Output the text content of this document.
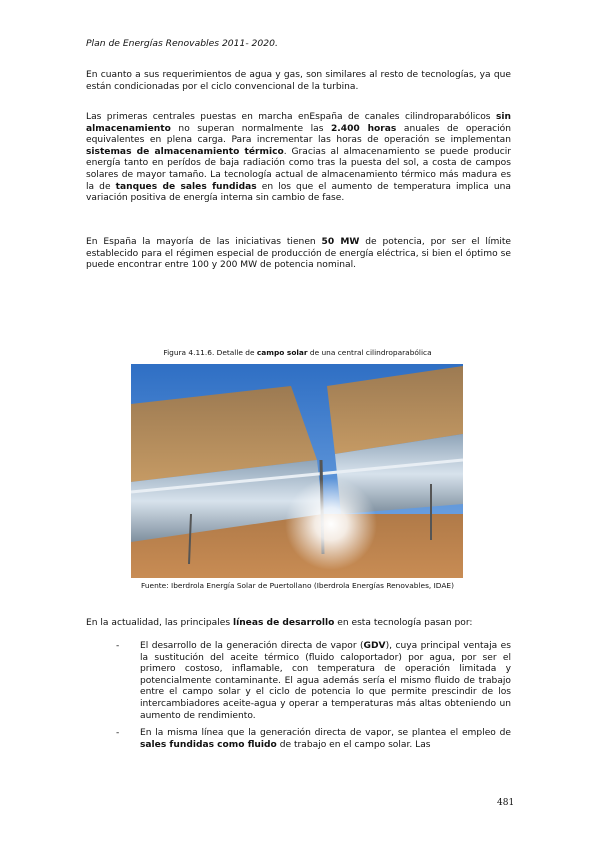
Plan de Energías Renovables 2011- 2020.

En cuanto a sus requerimientos de agua y gas, son similares al resto de tecnologías, ya que están condicionadas por el ciclo convencional de la turbina.

Las primeras centrales puestas en marcha enEspaña de canales cilindroparabólicos sin almacenamiento no superan normalmente las 2.400 horas anuales de operación equivalentes en plena carga. Para incrementar las horas de operación se implementan sistemas de almacenamiento térmico. Gracias al almacenamiento se puede producir energía tanto en perídos de baja radiación como tras la puesta del sol, a costa de campos solares de mayor tamaño. La tecnología actual de almacenamiento térmico más madura es la de tanques de sales fundidas en los que el aumento de temperatura implica una variación positiva de energía interna sin cambio de fase.

En España la mayoría de las iniciativas tienen 50 MW de potencia, por ser el límite establecido para el régimen especial de producción de energía eléctrica, si bien el óptimo se puede encontrar entre 100 y 200 MW de potencia nominal.

Figura 4.11.6. Detalle de campo solar de una central cilindroparabólica
Fuente: Iberdrola Energía Solar de Puertollano (Iberdrola Energías Renovables, IDAE)

En la actualidad, las principales líneas de desarrollo en esta tecnología pasan por:

- El desarrollo de la generación directa de vapor (GDV), cuya principal ventaja es la sustitución del aceite térmico (fluido caloportador) por agua, por ser el primero costoso, inflamable, con temperatura de operación limitada y potencialmente contaminante. El agua además sería el mismo fluido de trabajo entre el campo solar y el ciclo de potencia lo que permite prescindir de los intercambiadores aceite-agua y operar a temperaturas más altas obteniendo un aumento de rendimiento.
- En la misma línea que la generación directa de vapor, se plantea el empleo de sales fundidas como fluido de trabajo en el campo solar. Las
481
